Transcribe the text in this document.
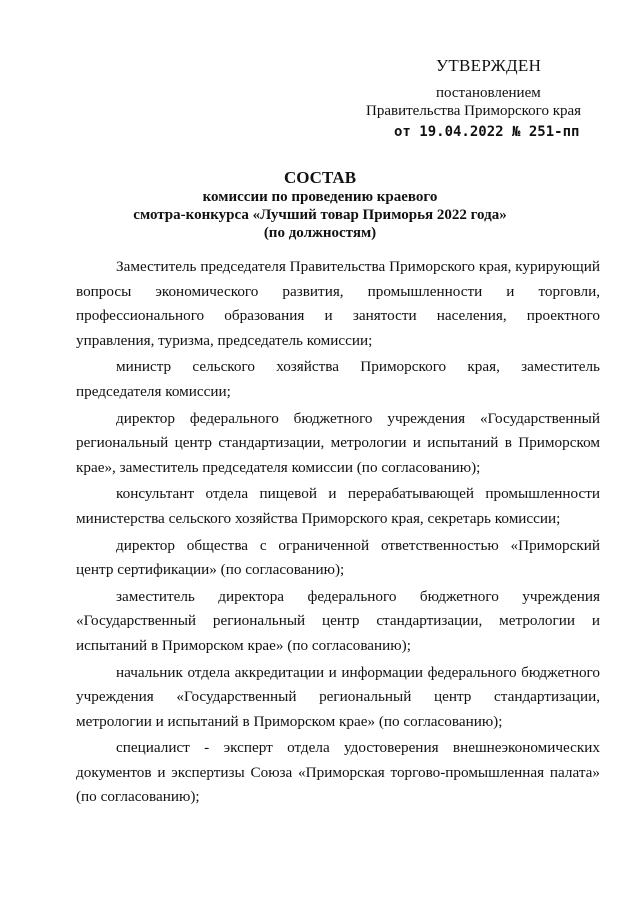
УТВЕРЖДЕН
постановлением
Правительства Приморского края
от 19.04.2022 № 251-пп
СОСТАВ
комиссии по проведению краевого
смотра-конкурса «Лучший товар Приморья 2022 года»
(по должностям)

Заместитель председателя Правительства Приморского края, курирующий вопросы экономического развития, промышленности и торговли, профессионального образования и занятости населения, проектного управления, туризма, председатель комиссии;

министр сельского хозяйства Приморского края, заместитель председателя комиссии;

директор федерального бюджетного учреждения «Государственный региональный центр стандартизации, метрологии и испытаний в Приморском крае», заместитель председателя комиссии (по согласованию);

консультант отдела пищевой и перерабатывающей промышленности министерства сельского хозяйства Приморского края, секретарь комиссии;

директор общества с ограниченной ответственностью «Приморский центр сертификации» (по согласованию);

заместитель директора федерального бюджетного учреждения «Государственный региональный центр стандартизации, метрологии и испытаний в Приморском крае» (по согласованию);

начальник отдела аккредитации и информации федерального бюджетного учреждения «Государственный региональный центр стандартизации, метрологии и испытаний в Приморском крае» (по согласованию);

специалист - эксперт отдела удостоверения внешнеэкономических документов и экспертизы Союза «Приморская торгово-промышленная палата» (по согласованию);
